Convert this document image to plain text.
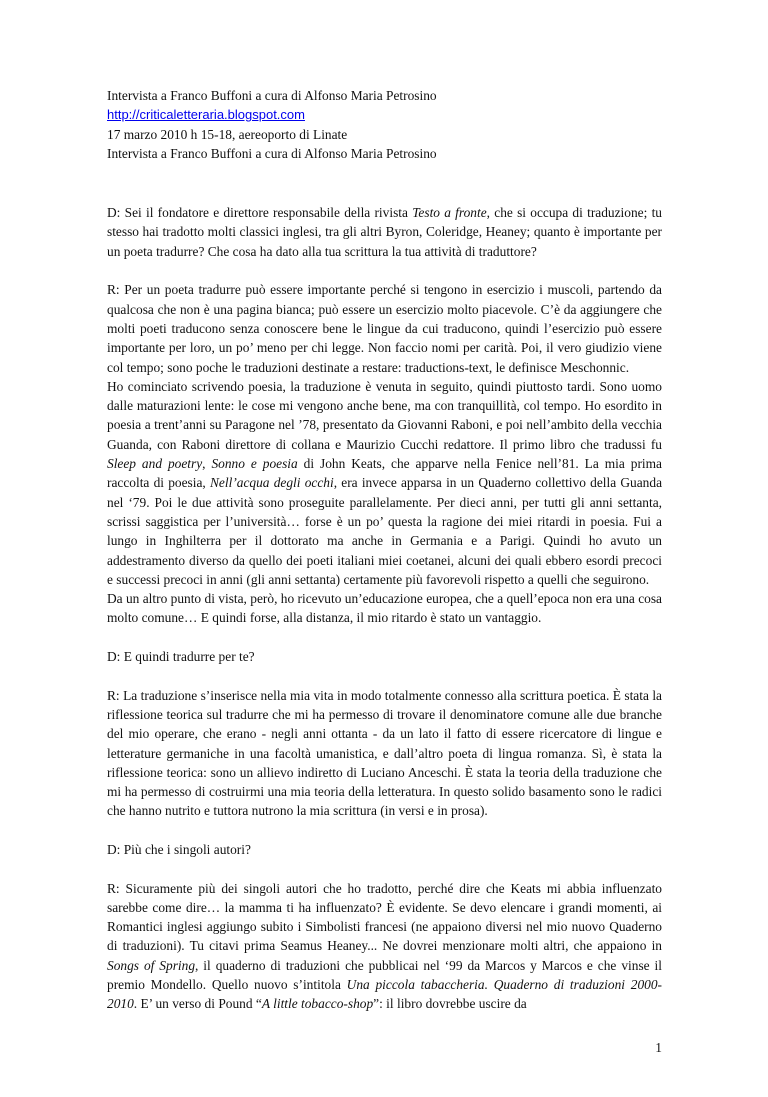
Intervista a Franco Buffoni a cura di Alfonso Maria Petrosino
http://criticaletteraria.blogspot.com
17 marzo 2010 h 15-18, aereoporto di Linate
Intervista a Franco Buffoni a cura di Alfonso Maria Petrosino

D: Sei il fondatore e direttore responsabile della rivista Testo a fronte, che si occupa di traduzione; tu stesso hai tradotto molti classici inglesi, tra gli altri Byron, Coleridge, Heaney; quanto è importante per un poeta tradurre? Che cosa ha dato alla tua scrittura la tua attività di traduttore?

R: Per un poeta tradurre può essere importante perché si tengono in esercizio i muscoli, partendo da qualcosa che non è una pagina bianca; può essere un esercizio molto piacevole. C’è da aggiungere che molti poeti traducono senza conoscere bene le lingue da cui traducono, quindi l’esercizio può essere importante per loro, un po’ meno per chi legge. Non faccio nomi per carità. Poi, il vero giudizio viene col tempo; sono poche le traduzioni destinate a restare: traductions-text, le definisce Meschonnic.

Ho cominciato scrivendo poesia, la traduzione è venuta in seguito, quindi piuttosto tardi. Sono uomo dalle maturazioni lente: le cose mi vengono anche bene, ma con tranquillità, col tempo. Ho esordito in poesia a trent’anni su Paragone nel ’78, presentato da Giovanni Raboni, e poi nell’ambito della vecchia Guanda, con Raboni direttore di collana e Maurizio Cucchi redattore. Il primo libro che tradussi fu Sleep and poetry, Sonno e poesia di John Keats, che apparve nella Fenice nell’81. La mia prima raccolta di poesia, Nell’acqua degli occhi, era invece apparsa in un Quaderno collettivo della Guanda nel ‘79. Poi le due attività sono proseguite parallelamente. Per dieci anni, per tutti gli anni settanta, scrissi saggistica per l’università… forse è un po’ questa la ragione dei miei ritardi in poesia. Fui a lungo in Inghilterra per il dottorato ma anche in Germania e a Parigi. Quindi ho avuto un addestramento diverso da quello dei poeti italiani miei coetanei, alcuni dei quali ebbero esordi precoci e successi precoci in anni (gli anni settanta) certamente più favorevoli rispetto a quelli che seguirono.

Da un altro punto di vista, però, ho ricevuto un’educazione europea, che a quell’epoca non era una cosa molto comune… E quindi forse, alla distanza, il mio ritardo è stato un vantaggio.

D: E quindi tradurre per te?

R: La traduzione s’inserisce nella mia vita in modo totalmente connesso alla scrittura poetica. È stata la riflessione teorica sul tradurre che mi ha permesso di trovare il denominatore comune alle due branche del mio operare, che erano - negli anni ottanta - da un lato il fatto di essere ricercatore di lingue e letterature germaniche in una facoltà umanistica, e dall’altro poeta di lingua romanza. Sì, è stata la riflessione teorica: sono un allievo indiretto di Luciano Anceschi. È stata la teoria della traduzione che mi ha permesso di costruirmi una mia teoria della letteratura. In questo solido basamento sono le radici che hanno nutrito e tuttora nutrono la mia scrittura (in versi e in prosa).

D: Più che i singoli autori?

R: Sicuramente più dei singoli autori che ho tradotto, perché dire che Keats mi abbia influenzato sarebbe come dire… la mamma ti ha influenzato? È evidente. Se devo elencare i grandi momenti, ai Romantici inglesi aggiungo subito i Simbolisti francesi (ne appaiono diversi nel mio nuovo Quaderno di traduzioni). Tu citavi prima Seamus Heaney... Ne dovrei menzionare molti altri, che appaiono in Songs of Spring, il quaderno di traduzioni che pubblicai nel ‘99 da Marcos y Marcos e che vinse il premio Mondello. Quello nuovo s’intitola Una piccola tabaccheria. Quaderno di traduzioni 2000-2010. E’ un verso di Pound “A little tobacco-shop”: il libro dovrebbe uscire da

1
